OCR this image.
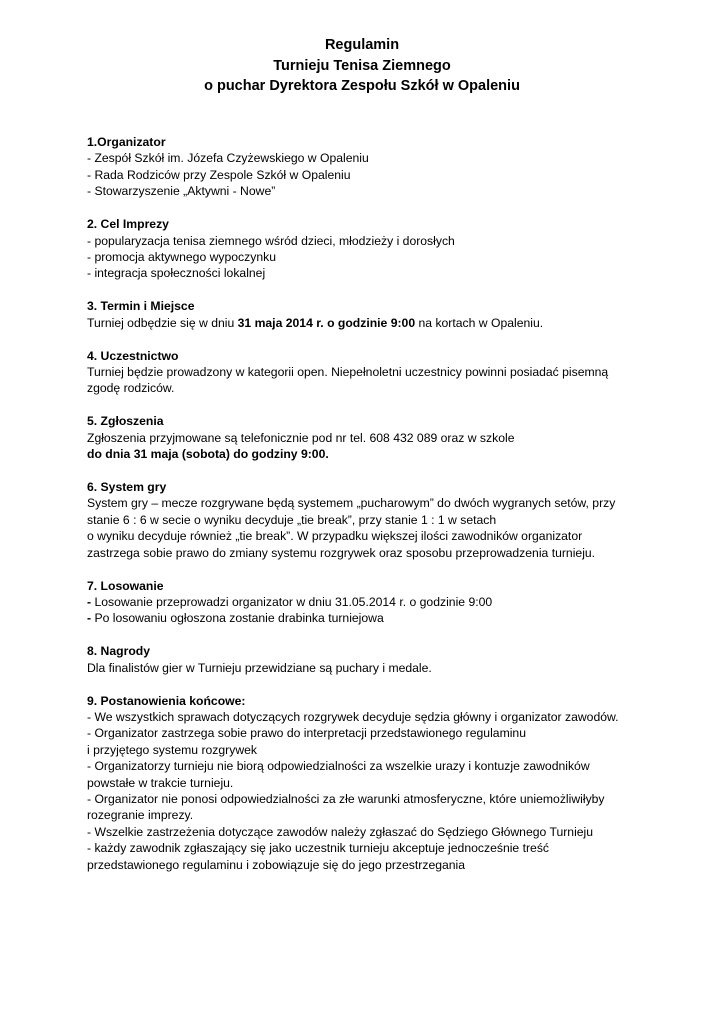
Regulamin
Turnieju Tenisa Ziemnego
o puchar Dyrektora Zespołu Szkół w Opaleniu
1.Organizator
- Zespół Szkół im. Józefa Czyżewskiego w Opaleniu
- Rada Rodziców przy Zespole Szkół w Opaleniu
- Stowarzyszenie „Aktywni - Nowe”
2. Cel Imprezy
- popularyzacja tenisa ziemnego wśród dzieci, młodzieży i dorosłych
- promocja aktywnego wypoczynku
- integracja społeczności lokalnej
3. Termin i Miejsce
Turniej odbędzie się w dniu 31 maja 2014 r. o godzinie 9:00 na kortach w Opaleniu.
4. Uczestnictwo
Turniej będzie prowadzony w kategorii open. Niepełnoletni uczestnicy powinni posiadać pisemną
zgodę rodziców.
5. Zgłoszenia
Zgłoszenia przyjmowane są telefonicznie pod nr tel. 608 432 089 oraz w szkole
do dnia 31 maja (sobota) do godziny 9:00.
6. System gry
System gry – mecze rozgrywane będą systemem „pucharowym” do dwóch wygranych setów, przy
stanie 6 : 6 w secie o wyniku decyduje „tie break”, przy stanie 1 : 1 w setach
o wyniku decyduje również „tie break”. W przypadku większej ilości zawodników organizator
zastrzega sobie prawo do zmiany systemu rozgrywek oraz sposobu przeprowadzenia turnieju.
7. Losowanie
- Losowanie przeprowadzi organizator w dniu 31.05.2014 r. o godzinie 9:00
- Po losowaniu ogłoszona zostanie drabinka turniejowa
8. Nagrody
Dla finalistów gier w Turnieju przewidziane są puchary i medale.
9. Postanowienia końcowe:
- We wszystkich sprawach dotyczących rozgrywek decyduje sędzia główny i organizator zawodów.
- Organizator zastrzega sobie prawo do interpretacji przedstawionego regulaminu
i przyjętego systemu rozgrywek
- Organizatorzy turnieju nie biorą odpowiedzialności za wszelkie urazy i kontuzje zawodników
powstałe w trakcie turnieju.
- Organizator nie ponosi odpowiedzialności za złe warunki atmosferyczne, które uniemożliwiłyby
rozegranie imprezy.
- Wszelkie zastrzeżenia dotyczące zawodów należy zgłaszać do Sędziego Głównego Turnieju
- każdy zawodnik zgłaszający się jako uczestnik turnieju akceptuje jednocześnie treść
przedstawionego regulaminu i zobowiązuje się do jego przestrzegania
